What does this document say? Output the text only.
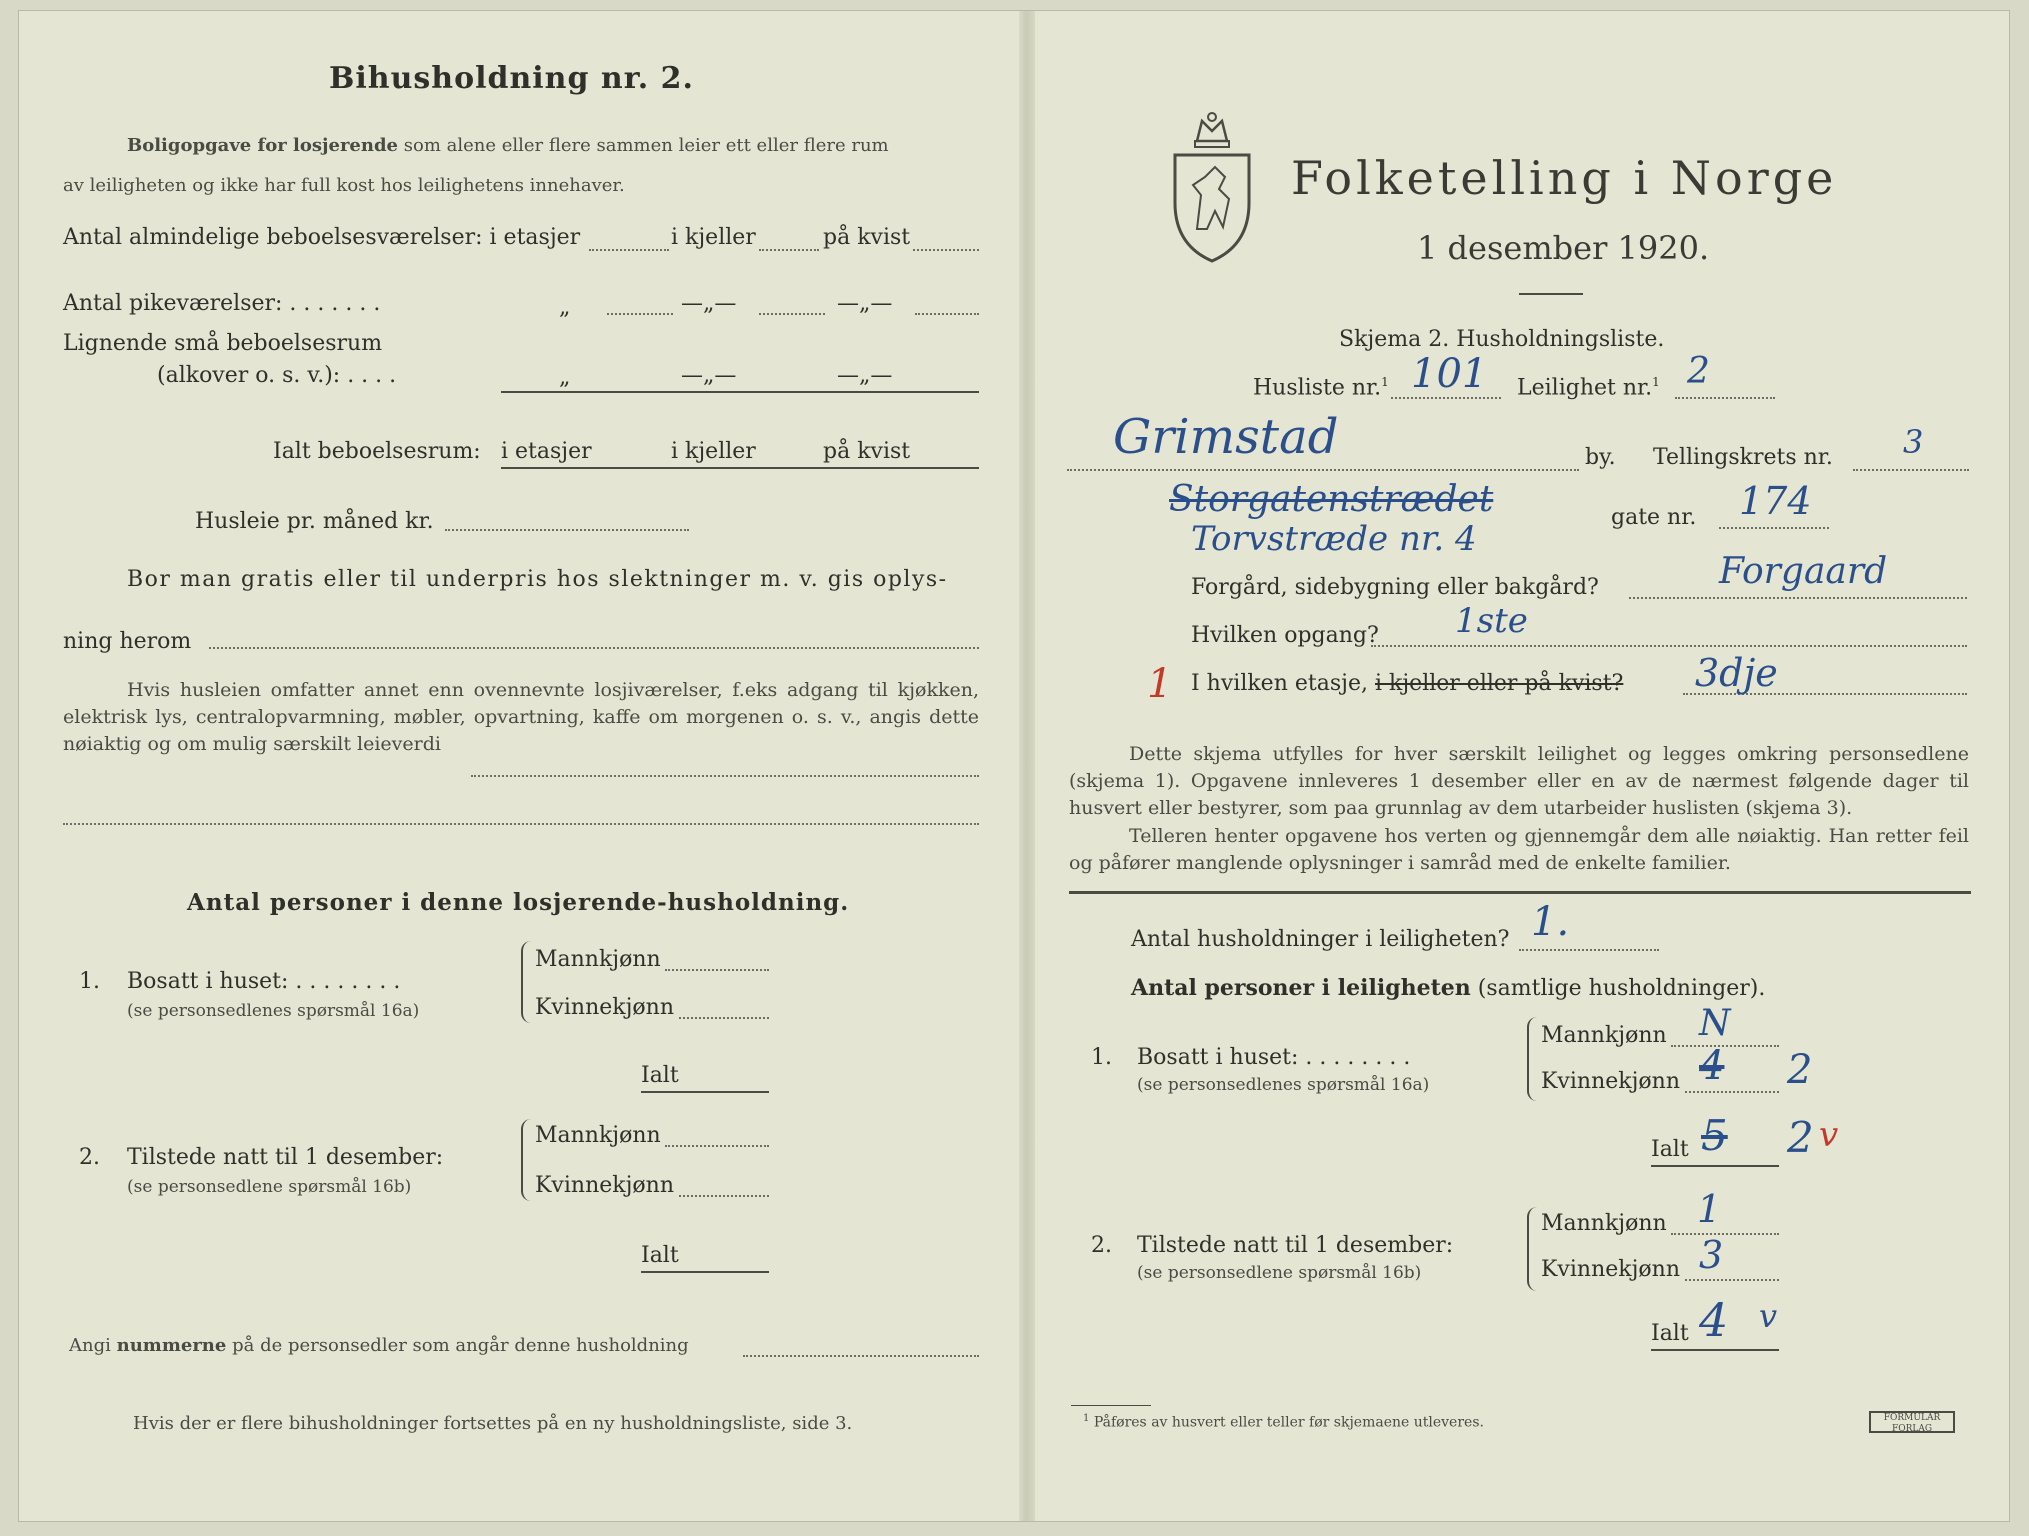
Bihusholdning nr. 2.
Boligopgave for losjerende som alene eller flere sammen leier ett eller flere rum
av leiligheten og ikke har full kost hos leilighetens innehaver.
Antal almindelige beboelsesværelser: i etasjer	i kjeller	på kvist
Antal pikeværelser: . . . . . . .	„	—„—	—„—
Lignende små beboelsesrum
(alkover o. s. v.): . . . .	„	—„—	—„—
Ialt beboelsesrum: i etasjer	i kjeller	på kvist
Husleie pr. måned kr.
Bor man gratis eller til underpris hos slektninger m. v. gis oplys-
ning herom
Hvis husleien omfatter annet enn ovennevnte losjiværelser, f.eks adgang til kjøkken, elektrisk lys, centralopvarmning, møbler, opvartning, kaffe om morgenen o. s. v., angis dette nøiaktig og om mulig særskilt leieverdi
Antal personer i denne losjerende-husholdning.
1. Bosatt i huset: . . . . . . . .
(se personsedlenes spørsmål 16a)
Mannkjønn
Kvinnekjønn
Ialt
2. Tilstede natt til 1 desember:
(se personsedlene spørsmål 16b)
Mannkjønn
Kvinnekjønn
Ialt
Angi nummerne på de personsedler som angår denne husholdning
Hvis der er flere bihusholdninger fortsettes på en ny husholdningsliste, side 3.
Folketelling i Norge
1 desember 1920.
Skjema 2. Husholdningsliste.
Husliste nr.$^1$ 101 Leilighet nr.$^1$ 2
Grimstad	by. Tellingskrets nr. 3
Storgatenstrædet	gate nr. 174
Torvstræde nr. 4
Forgård, sidebygning eller bakgård?	Forgaard
Hvilken opgang? 1ste
1 I hvilken etasje, i kjeller eller på kvist? 3dje
Dette skjema utfylles for hver særskilt leilighet og legges omkring personsedlene (skjema 1). Opgavene innleveres 1 desember eller en av de nærmest følgende dager til husvert eller bestyrer, som paa grunnlag av dem utarbeider huslisten (skjema 3).
Telleren henter opgavene hos verten og gjennemgår dem alle nøiaktig. Han retter feil og påfører manglende oplysninger i samråd med de enkelte familier.
Antal husholdninger i leiligheten? 1.
Antal personer i leiligheten (samtlige husholdninger).
1. Bosatt i huset: . . . . . . . .
(se personsedlenes spørsmål 16a)
Mannkjønn N
Kvinnekjønn 4 2
Ialt 5 2 v
2. Tilstede natt til 1 desember:
(se personsedlene spørsmål 16b)
Mannkjønn 1
Kvinnekjønn 3
Ialt 4 v
$^1$ Påføres av husvert eller teller før skjemaene utleveres.	FORMULAR FORLAG
